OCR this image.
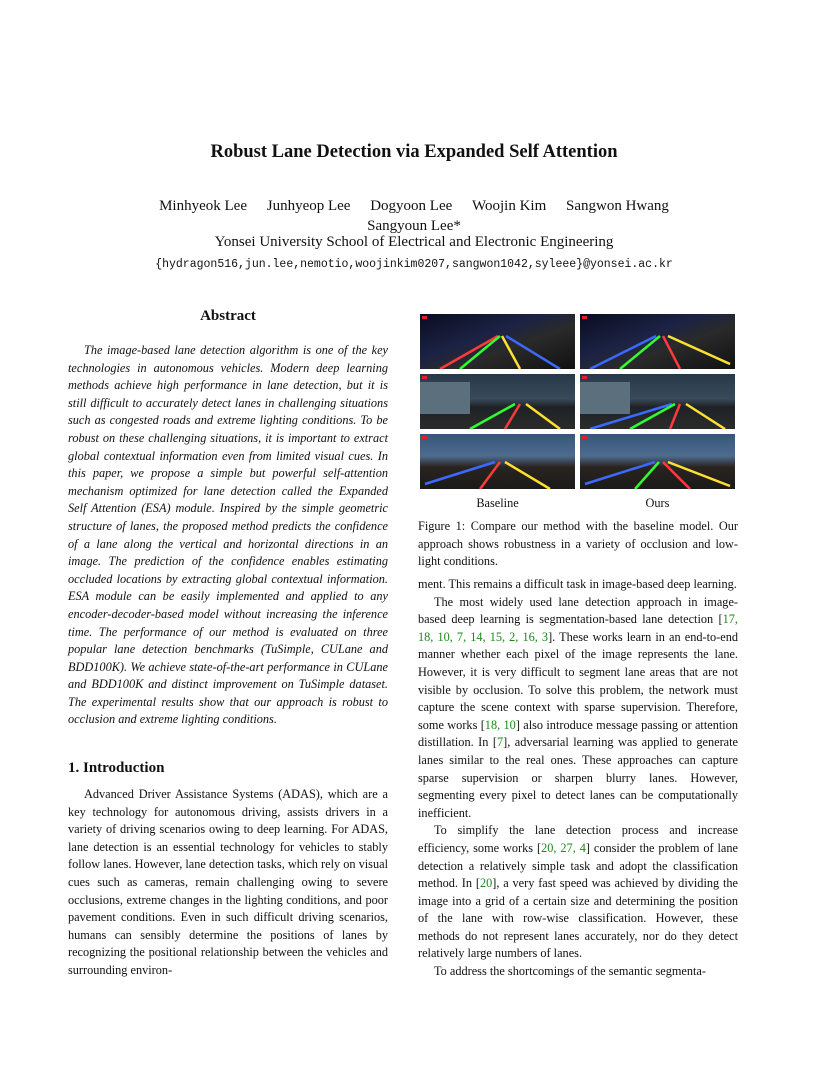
Robust Lane Detection via Expanded Self Attention
Minhyeok Lee Junhyeop Lee Dogyoon Lee Woojin Kim Sangwon Hwang
Sangyoun Lee*
Yonsei University School of Electrical and Electronic Engineering
{hydragon516,jun.lee,nemotio,woojinkim0207,sangwon1042,syleee}@yonsei.ac.kr
Abstract
The image-based lane detection algorithm is one of the key technologies in autonomous vehicles. Modern deep learning methods achieve high performance in lane detection, but it is still difficult to accurately detect lanes in challenging situations such as congested roads and extreme lighting conditions. To be robust on these challenging situations, it is important to extract global contextual information even from limited visual cues. In this paper, we propose a simple but powerful self-attention mechanism optimized for lane detection called the Expanded Self Attention (ESA) module. Inspired by the simple geometric structure of lanes, the proposed method predicts the confidence of a lane along the vertical and horizontal directions in an image. The prediction of the confidence enables estimating occluded locations by extracting global contextual information. ESA module can be easily implemented and applied to any encoder-decoder-based model without increasing the inference time. The performance of our method is evaluated on three popular lane detection benchmarks (TuSimple, CULane and BDD100K). We achieve state-of-the-art performance in CULane and BDD100K and distinct improvement on TuSimple dataset. The experimental results show that our approach is robust to occlusion and extreme lighting conditions.
1. Introduction
Advanced Driver Assistance Systems (ADAS), which are a key technology for autonomous driving, assists drivers in a variety of driving scenarios owing to deep learning. For ADAS, lane detection is an essential technology for vehicles to stably follow lanes. However, lane detection tasks, which rely on visual cues such as cameras, remain challenging owing to severe occlusions, extreme changes in the lighting conditions, and poor pavement conditions. Even in such difficult driving scenarios, humans can sensibly determine the positions of lanes by recognizing the positional relationship between the vehicles and surrounding environ-
Baseline	Ours
Figure 1: Compare our method with the baseline model. Our approach shows robustness in a variety of occlusion and low-light conditions.

ment. This remains a difficult task in image-based deep learning.

The most widely used lane detection approach in image-based deep learning is segmentation-based lane detection [17, 18, 10, 7, 14, 15, 2, 16, 3]. These works learn in an end-to-end manner whether each pixel of the image represents the lane. However, it is very difficult to segment lane areas that are not visible by occlusion. To solve this problem, the network must capture the scene context with sparse supervision. Therefore, some works [18, 10] also introduce message passing or attention distillation. In [7], adversarial learning was applied to generate lanes similar to the real ones. These approaches can capture sparse supervision or sharpen blurry lanes. However, segmenting every pixel to detect lanes can be computationally inefficient.

To simplify the lane detection process and increase efficiency, some works [20, 27, 4] consider the problem of lane detection a relatively simple task and adopt the classification method. In [20], a very fast speed was achieved by dividing the image into a grid of a certain size and determining the position of the lane with row-wise classification. However, these methods do not represent lanes accurately, nor do they detect relatively large numbers of lanes.

To address the shortcomings of the semantic segmenta-
